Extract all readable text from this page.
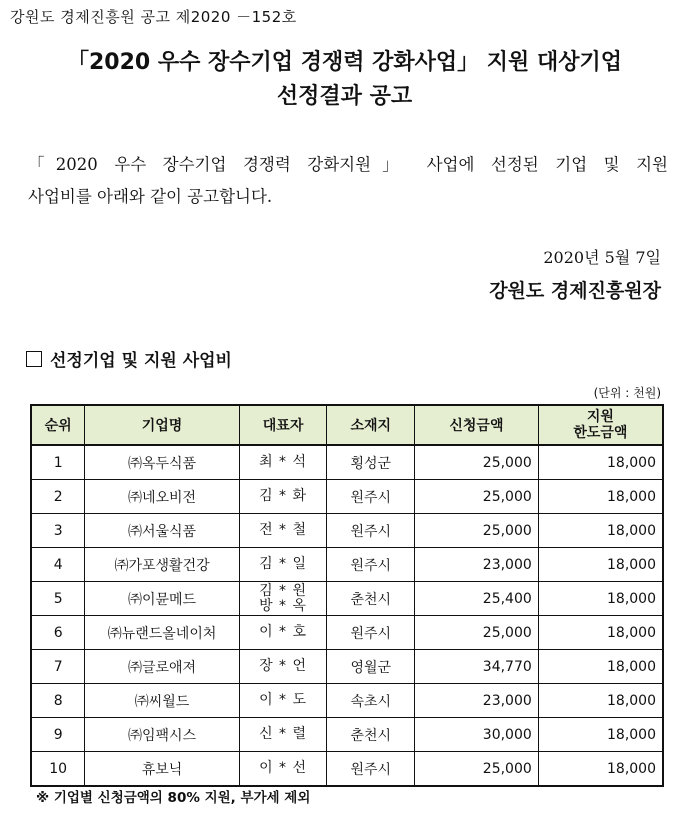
강원도 경제진흥원 공고 제2020 －152호
「2020 우수 장수기업 경쟁력 강화사업」 지원 대상기업
선정결과 공고
「2020 우수 장수기업 경쟁력 강화지원」 사업에 선정된 기업 및 지원
사업비를 아래와 같이 공고합니다.
2020년 5월 7일
강원도 경제진흥원장
선정기업 및 지원 사업비
(단위 : 천원)
순위	기업명	대표자	소재지	신청금액	지원
한도금액

1	㈜옥두식품	최 * 석	횡성군	25,000	18,000
2	㈜네오비전	김 * 화	원주시	25,000	18,000
3	㈜서울식품	전 * 철	원주시	25,000	18,000
4	㈜가포생활건강	김 * 일	원주시	23,000	18,000
5	㈜이뮨메드	김 * 원
방 * 옥	춘천시	25,400	18,000
6	㈜뉴랜드올네이처	이 * 호	원주시	25,000	18,000
7	㈜글로애져	장 * 언	영월군	34,770	18,000
8	㈜씨월드	이 * 도	속초시	23,000	18,000
9	㈜임팩시스	신 * 렬	춘천시	30,000	18,000
10	휴보닉	이 * 선	원주시	25,000	18,000
※ 기업별 신청금액의 80% 지원, 부가세 제외
